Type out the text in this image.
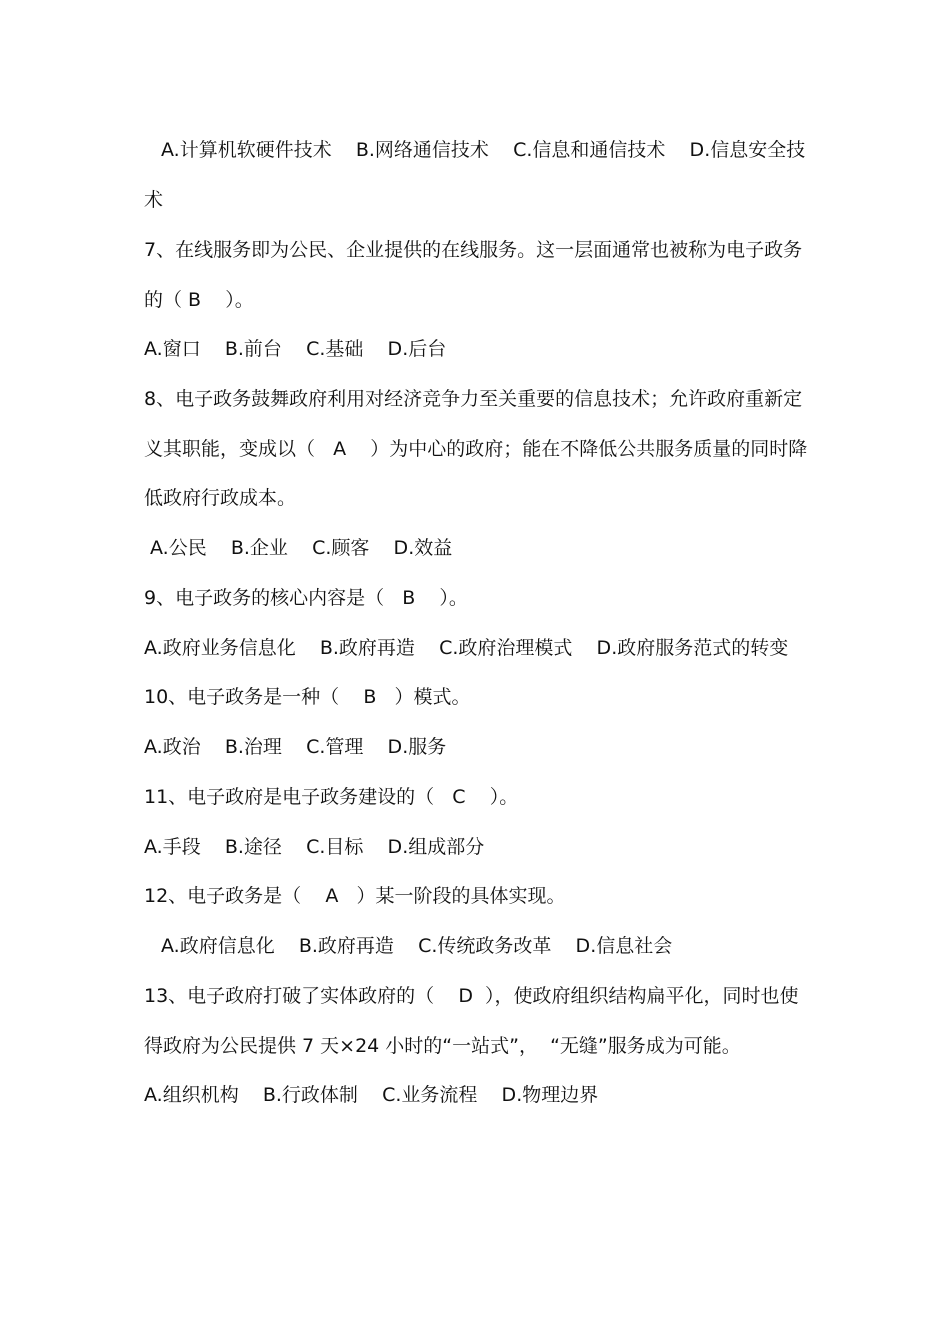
A.计算机软硬件技术    B.网络通信技术    C.信息和通信技术    D.信息安全技
术
7、在线服务即为公民、企业提供的在线服务。这一层面通常也被称为电子政务
的（ B    ）。
A.窗口    B.前台    C.基础    D.后台
8、电子政务鼓舞政府利用对经济竞争力至关重要的信息技术；允许政府重新定
义其职能，变成以（   A    ）为中心的政府；能在不降低公共服务质量的同时降
低政府行政成本。
A.公民    B.企业    C.顾客    D.效益
9、电子政务的核心内容是（   B    ）。
A.政府业务信息化    B.政府再造    C.政府治理模式    D.政府服务范式的转变
10、电子政务是一种（    B   ）模式。
A.政治    B.治理    C.管理    D.服务
11、电子政府是电子政务建设的（   C    ）。
A.手段    B.途径    C.目标    D.组成部分
12、电子政务是（    A   ）某一阶段的具体实现。
A.政府信息化    B.政府再造    C.传统政务改革    D.信息社会
13、电子政府打破了实体政府的（    D  ），使政府组织结构扁平化，同时也使
得政府为公民提供 7 天×24 小时的“一站式”，  “无缝”服务成为可能。
A.组织机构    B.行政体制    C.业务流程    D.物理边界
